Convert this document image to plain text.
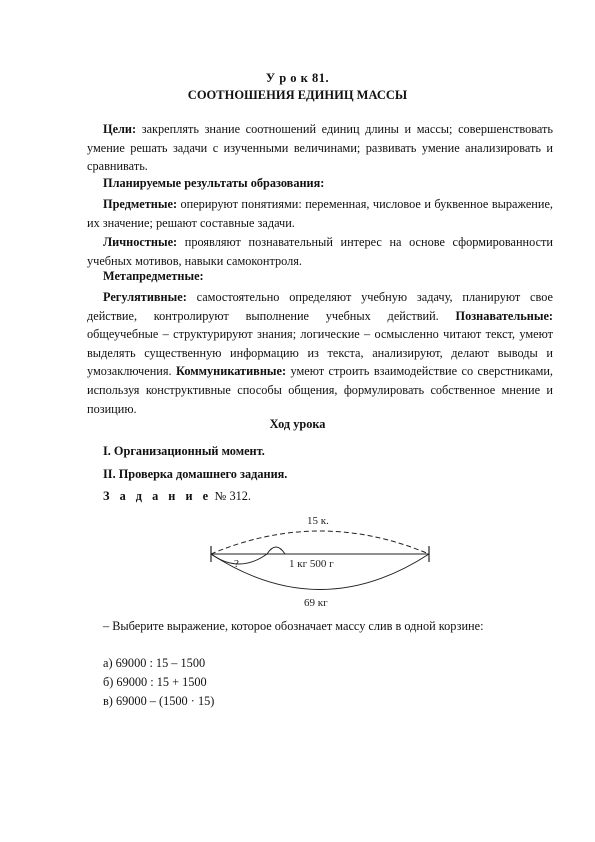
У р о к 81.
СООТНОШЕНИЯ ЕДИНИЦ МАССЫ
Цели: закреплять знание соотношений единиц длины и массы; совершенствовать умение решать задачи с изученными величинами; развивать умение анализировать и сравнивать.
Планируемые результаты образования:
Предметные: оперируют понятиями: переменная, числовое и буквенное выражение, их значение; решают составные задачи.
Личностные: проявляют познавательный интерес на основе сформированности учебных мотивов, навыки самоконтроля.
Метапредметные:
Регулятивные: самостоятельно определяют учебную задачу, планируют свое действие, контролируют выполнение учебных действий. Познавательные: общеучебные – структурируют знания; логические – осмысленно читают текст, умеют выделять существенную информацию из текста, анализируют, делают выводы и умозаключения. Коммуникативные: умеют строить взаимодействие со сверстниками, используя конструктивные способы общения, формулировать собственное мнение и позицию.
Ход урока
I. Организационный момент.
II. Проверка домашнего задания.
З а д а н и е № 312.
15 к.
?	1 кг 500 г
69 кг
– Выберите выражение, которое обозначает массу слив в одной корзине:
а) 69000 : 15 – 1500
б) 69000 : 15 + 1500
в) 69000 – (1500 · 15)
